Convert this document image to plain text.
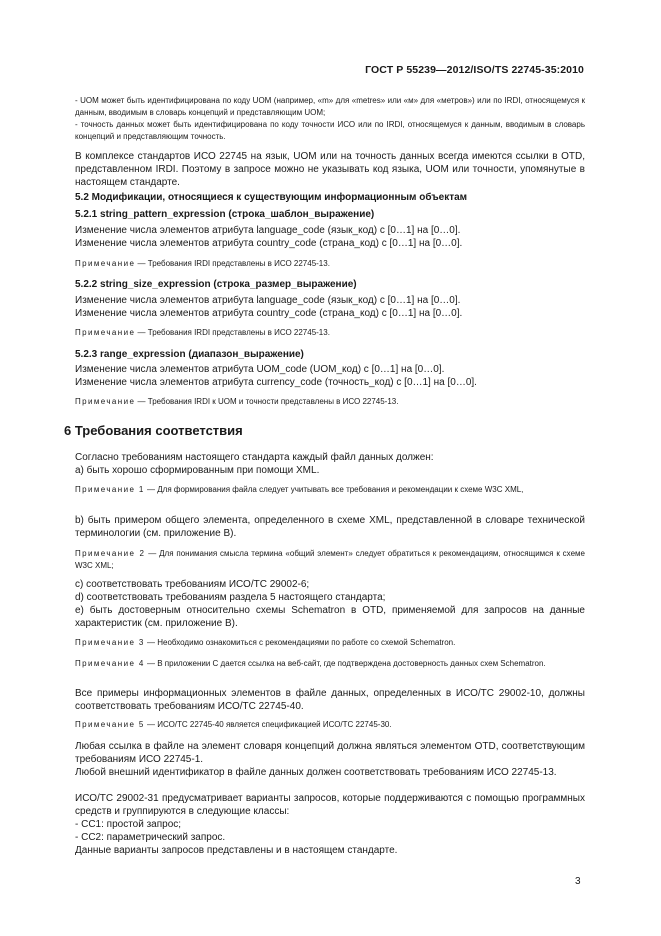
ГОСТ Р 55239—2012/ISO/TS 22745-35:2010

- UOM может быть идентифицирована по коду UOM (например, «m» для «metres» или «м» для «метров») или по IRDI, относящемуся к данным, вводимым в словарь концепций и представляющим UOM;

- точность данных может быть идентифицирована по коду точности ИСО или по IRDI, относящемуся к данным, вводимым в словарь концепций и представляющим точность.

В комплексе стандартов ИСО 22745 на язык, UOM или на точность данных всегда имеются ссылки в OTD, представленном IRDI. Поэтому в запросе можно не указывать код языка, UOM или точности, упомянутые в настоящем стандарте.

5.2 Модификации, относящиеся к существующим информационным объектам

5.2.1 string_pattern_expression (строка_шаблон_выражение)

Изменение числа элементов атрибута language_code (язык_код) с [0…1] на [0…0].

Изменение числа элементов атрибута country_code (страна_код) с [0…1] на [0…0].

Примечание — Требования IRDI представлены в ИСО 22745-13.

5.2.2 string_size_expression (строка_размер_выражение)

Изменение числа элементов атрибута language_code (язык_код) с [0…1] на [0…0].

Изменение числа элементов атрибута country_code (страна_код) с [0…1] на [0…0].

Примечание — Требования IRDI представлены в ИСО 22745-13.

5.2.3 range_expression (диапазон_выражение)

Изменение числа элементов атрибута UOM_code (UOM_код) с [0…1] на [0…0].

Изменение числа элементов атрибута currency_code (точность_код) с [0…1] на [0…0].

Примечание — Требования IRDI к UOM и точности представлены в ИСО 22745-13.

6 Требования соответствия

Согласно требованиям настоящего стандарта каждый файл данных должен:

a) быть хорошо сформированным при помощи XML.

Примечание 1 — Для формирования файла следует учитывать все требования и рекомендации к схеме W3C XML,

b) быть примером общего элемента, определенного в схеме XML, представленной в словаре технической терминологии (см. приложение В).

Примечание 2 — Для понимания смысла термина «общий элемент» следует обратиться к рекомендациям, относящимся к схеме W3C XML;

c) соответствовать требованиям ИСО/ТС 29002-6;

d) соответствовать требованиям раздела 5 настоящего стандарта;

e) быть достоверным относительно схемы Schematron в OTD, применяемой для запросов на данные характеристик (см. приложение В).

Примечание 3 — Необходимо ознакомиться с рекомендациями по работе со схемой Schematron.

Примечание 4 — В приложении С дается ссылка на веб-сайт, где подтверждена достоверность данных схем Schematron.

Все примеры информационных элементов в файле данных, определенных в ИСО/ТС 29002-10, должны соответствовать требованиям ИСО/ТС 22745-40.

Примечание 5 — ИСО/ТС 22745-40 является спецификацией ИСО/ТС 22745-30.

Любая ссылка в файле на элемент словаря концепций должна являться элементом OTD, соответствующим требованиям ИСО 22745-1.

Любой внешний идентификатор в файле данных должен соответствовать требованиям ИСО 22745-13.

ИСО/ТС 29002-31 предусматривает варианты запросов, которые поддерживаются с помощью программных средств и группируются в следующие классы:

- CC1: простой запрос;

- CC2: параметрический запрос.

Данные варианты запросов представлены и в настоящем стандарте.

3
